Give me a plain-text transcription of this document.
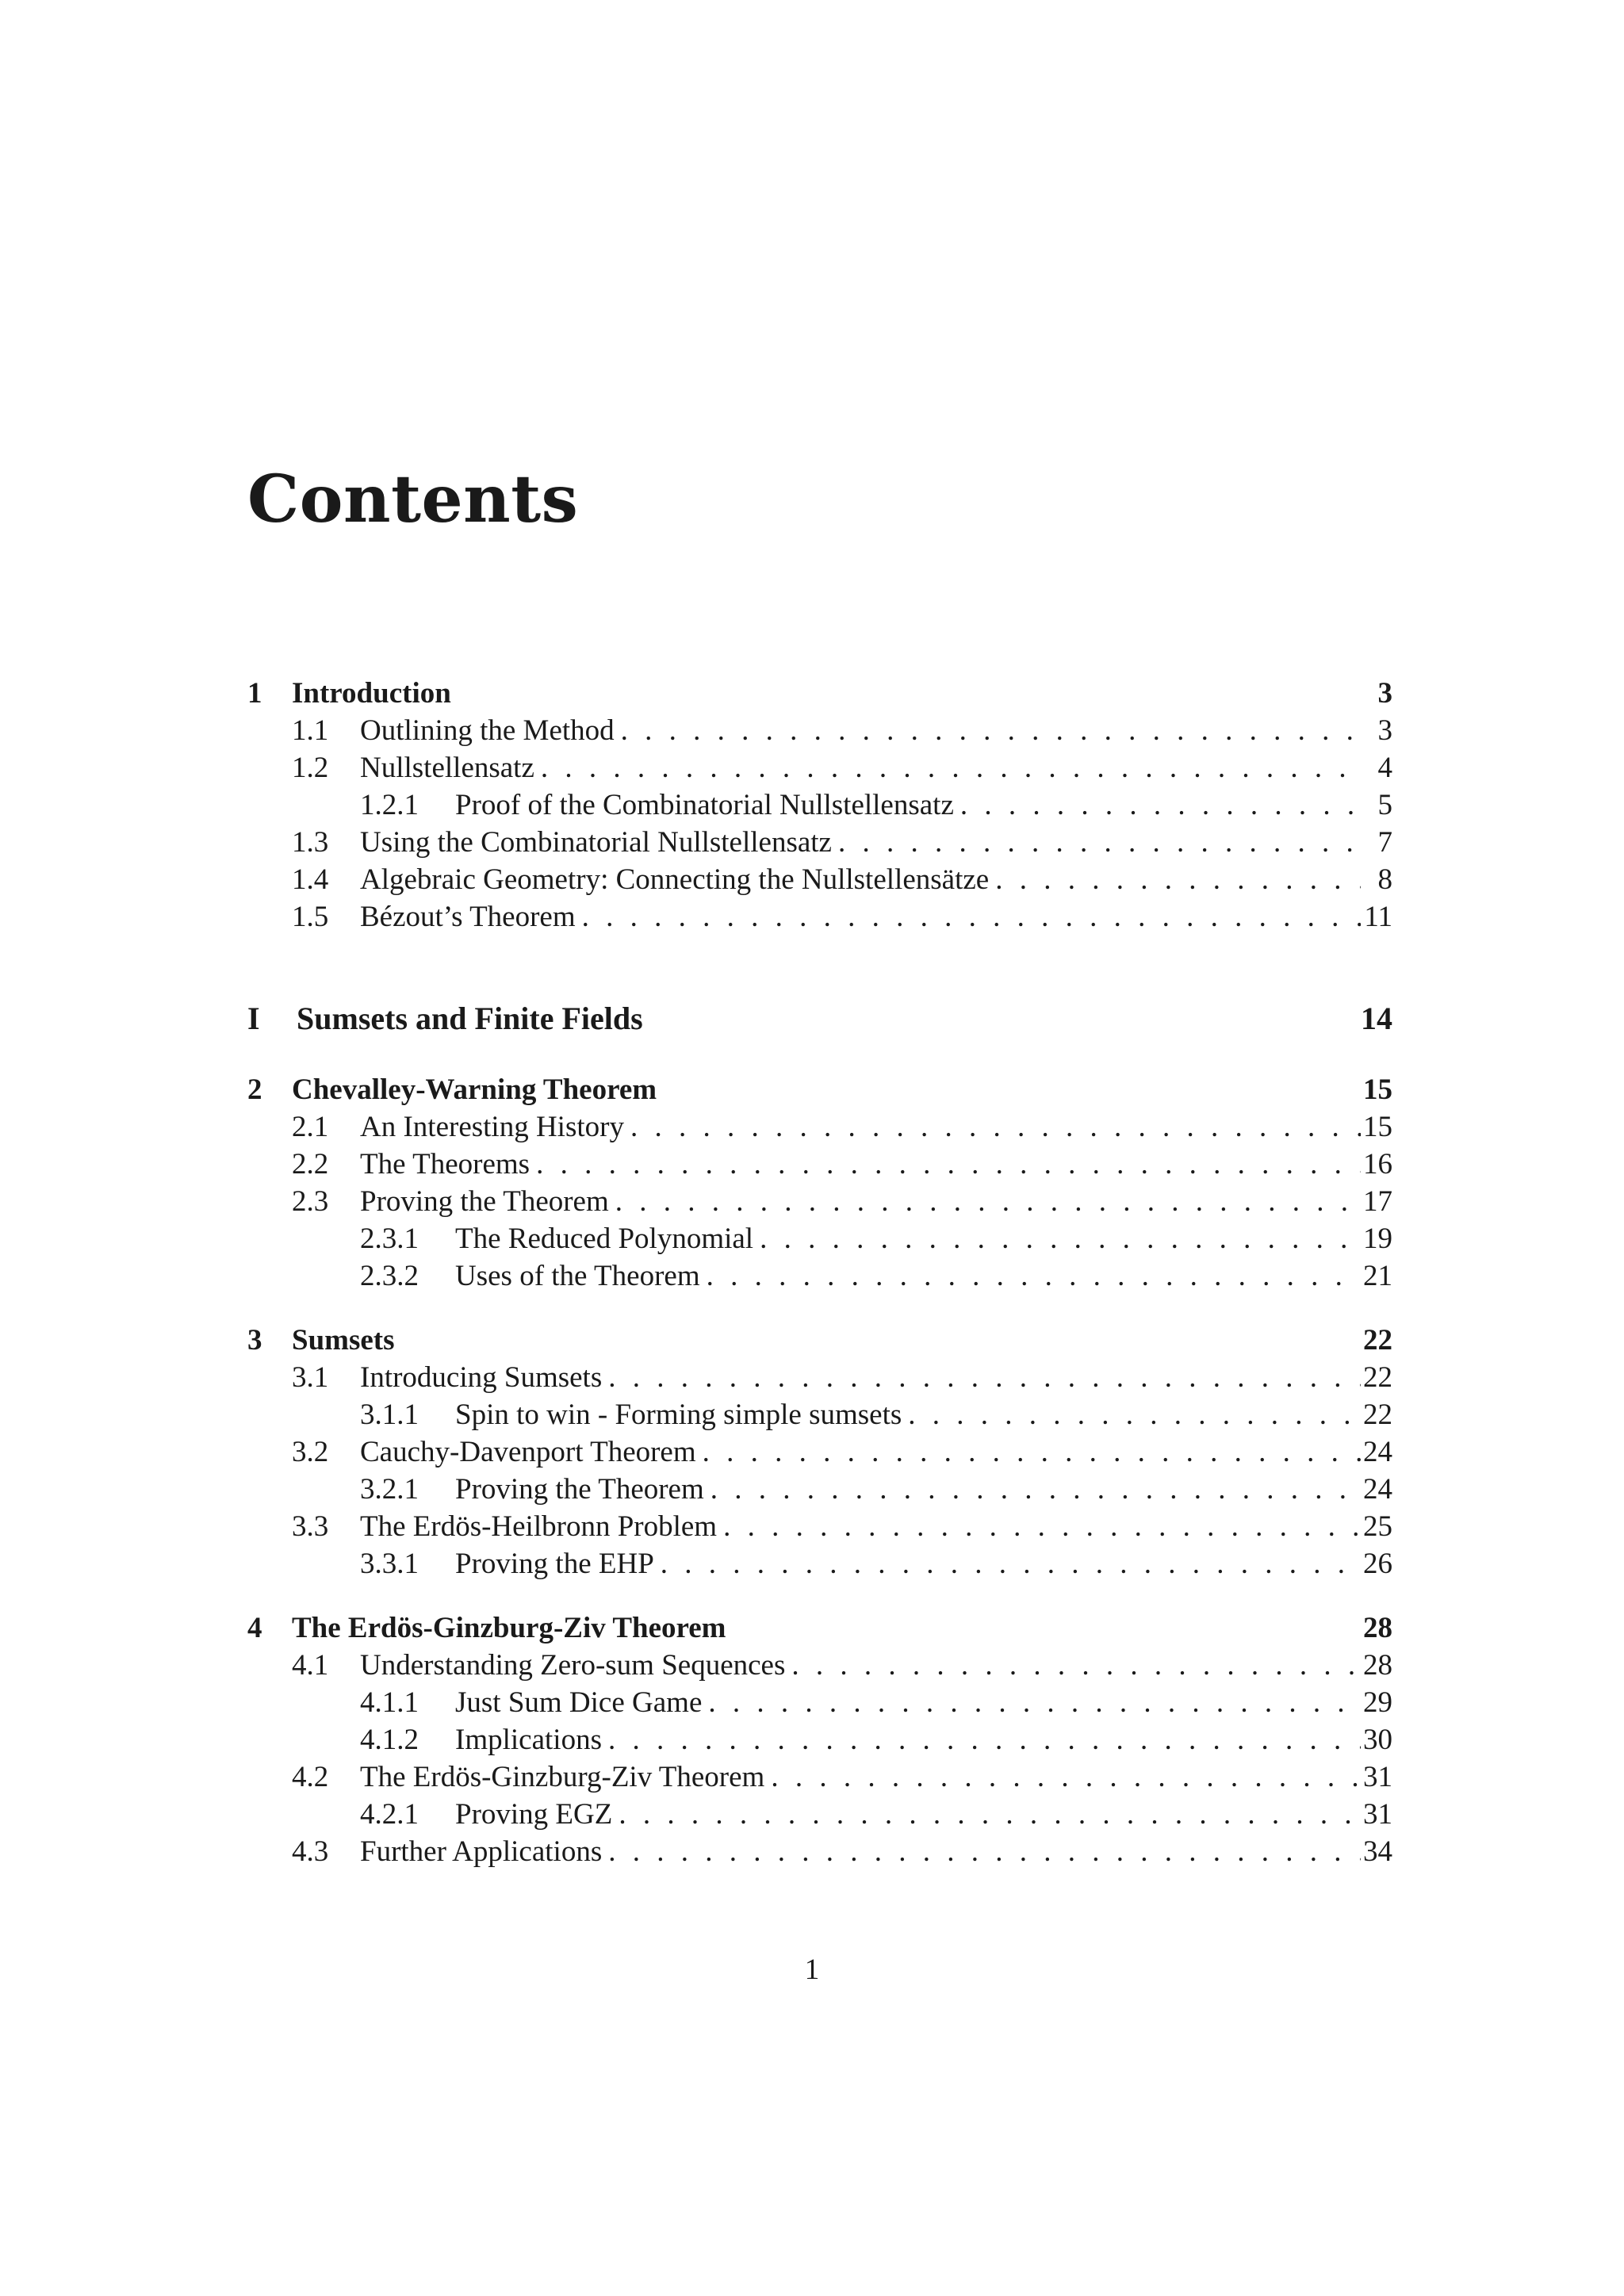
Contents
1	Introduction	3
1.1	Outlining the Method . . .	3
1.2	Nullstellensatz . . .	4
1.2.1	Proof of the Combinatorial Nullstellensatz . . .	5
1.3	Using the Combinatorial Nullstellensatz . . .	7
1.4	Algebraic Geometry: Connecting the Nullstellensätze . . .	8
1.5	Bézout’s Theorem . . .	11
I	Sumsets and Finite Fields	14
2	Chevalley-Warning Theorem	15
2.1	An Interesting History . . .	15
2.2	The Theorems . . .	16
2.3	Proving the Theorem . . .	17
2.3.1	The Reduced Polynomial . . .	19
2.3.2	Uses of the Theorem . . .	21
3	Sumsets	22
3.1	Introducing Sumsets . . .	22
3.1.1	Spin to win - Forming simple sumsets . . .	22
3.2	Cauchy-Davenport Theorem . . .	24
3.2.1	Proving the Theorem . . .	24
3.3	The Erdös-Heilbronn Problem . . .	25
3.3.1	Proving the EHP . . .	26
4	The Erdös-Ginzburg-Ziv Theorem	28
4.1	Understanding Zero-sum Sequences . . .	28
4.1.1	Just Sum Dice Game . . .	29
4.1.2	Implications . . .	30
4.2	The Erdös-Ginzburg-Ziv Theorem . . .	31
4.2.1	Proving EGZ . . .	31
4.3	Further Applications . . .	34
1
